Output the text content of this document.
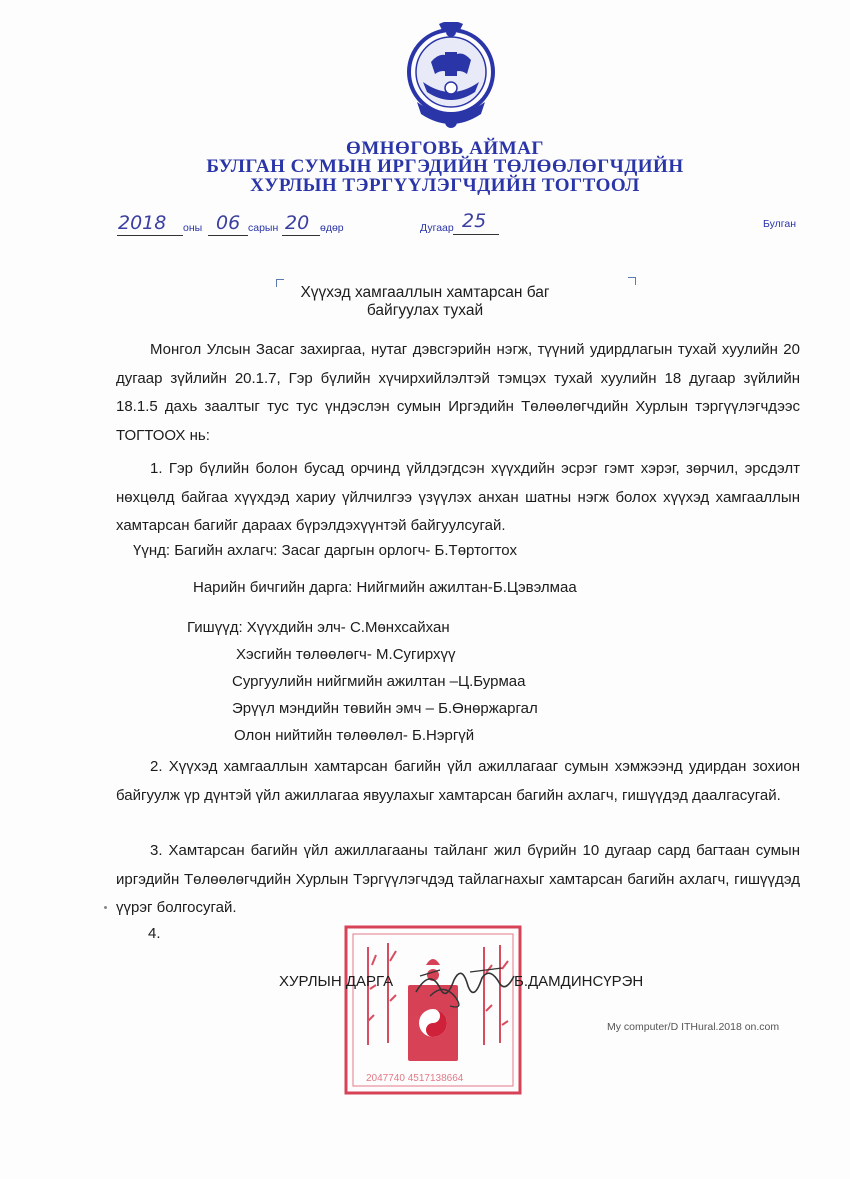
ӨМНӨГОВЬ АЙМАГ
БУЛГАН СУМЫН ИРГЭДИЙН ТӨЛӨӨЛӨГЧДИЙН
ХУРЛЫН ТЭРГҮҮЛЭГЧДИЙН ТОГТООЛ
2018 оны 06 сарын 20 өдөр	Дугаар 25	Булган
Хүүхэд хамгааллын хамтарсан баг
байгуулах тухай
Монгол Улсын Засаг захиргаа, нутаг дэвсгэрийн нэгж, түүний удирдлагын тухай хуулийн 20 дугаар зүйлийн 20.1.7, Гэр бүлийн хүчирхийлэлтэй тэмцэх тухай хуулийн 18 дугаар зүйлийн 18.1.5 дахь заалтыг тус тус үндэслэн сумын Иргэдийн Төлөөлөгчдийн Хурлын тэргүүлэгчдээс ТОГТООХ нь:
1. Гэр бүлийн болон бусад орчинд үйлдэгдсэн хүүхдийн эсрэг гэмт хэрэг, зөрчил, эрсдэлт нөхцөлд байгаа хүүхдэд хариу үйлчилгээ үзүүлэх анхан шатны нэгж болох хүүхэд хамгааллын хамтарсан багийг дараах бүрэлдэхүүнтэй байгуулсугай.
Үүнд: Багийн ахлагч: Засаг даргын орлогч- Б.Төртогтох
Нарийн бичгийн дарга: Нийгмийн ажилтан-Б.Цэвэлмаа
Гишүүд: Хүүхдийн элч- С.Мөнхсайхан
Хэсгийн төлөөлөгч- М.Сугирхүү
Сургуулийн нийгмийн ажилтан –Ц.Бурмаа
Эрүүл мэндийн төвийн эмч – Б.Өнөржаргал
Олон нийтийн төлөөлөл- Б.Нэргүй
2. Хүүхэд хамгааллын хамтарсан багийн үйл ажиллагааг сумын хэмжээнд удирдан зохион байгуулж үр дүнтэй үйл ажиллагаа явуулахыг хамтарсан багийн ахлагч, гишүүдэд даалгасугай.
3. Хамтарсан багийн үйл ажиллагааны тайланг жил бүрийн 10 дугаар сард багтаан сумын иргэдийн Төлөөлөгчдийн Хурлын Тэргүүлэгчдэд тайлагнахыг хамтарсан багийн ахлагч, гишүүдэд үүрэг болгосугай.
4.
2047740 4517138664
ХУРЛЫН ДАРГА	Б.ДАМДИНСҮРЭН
My computer/D ITHural.2018 on.com
